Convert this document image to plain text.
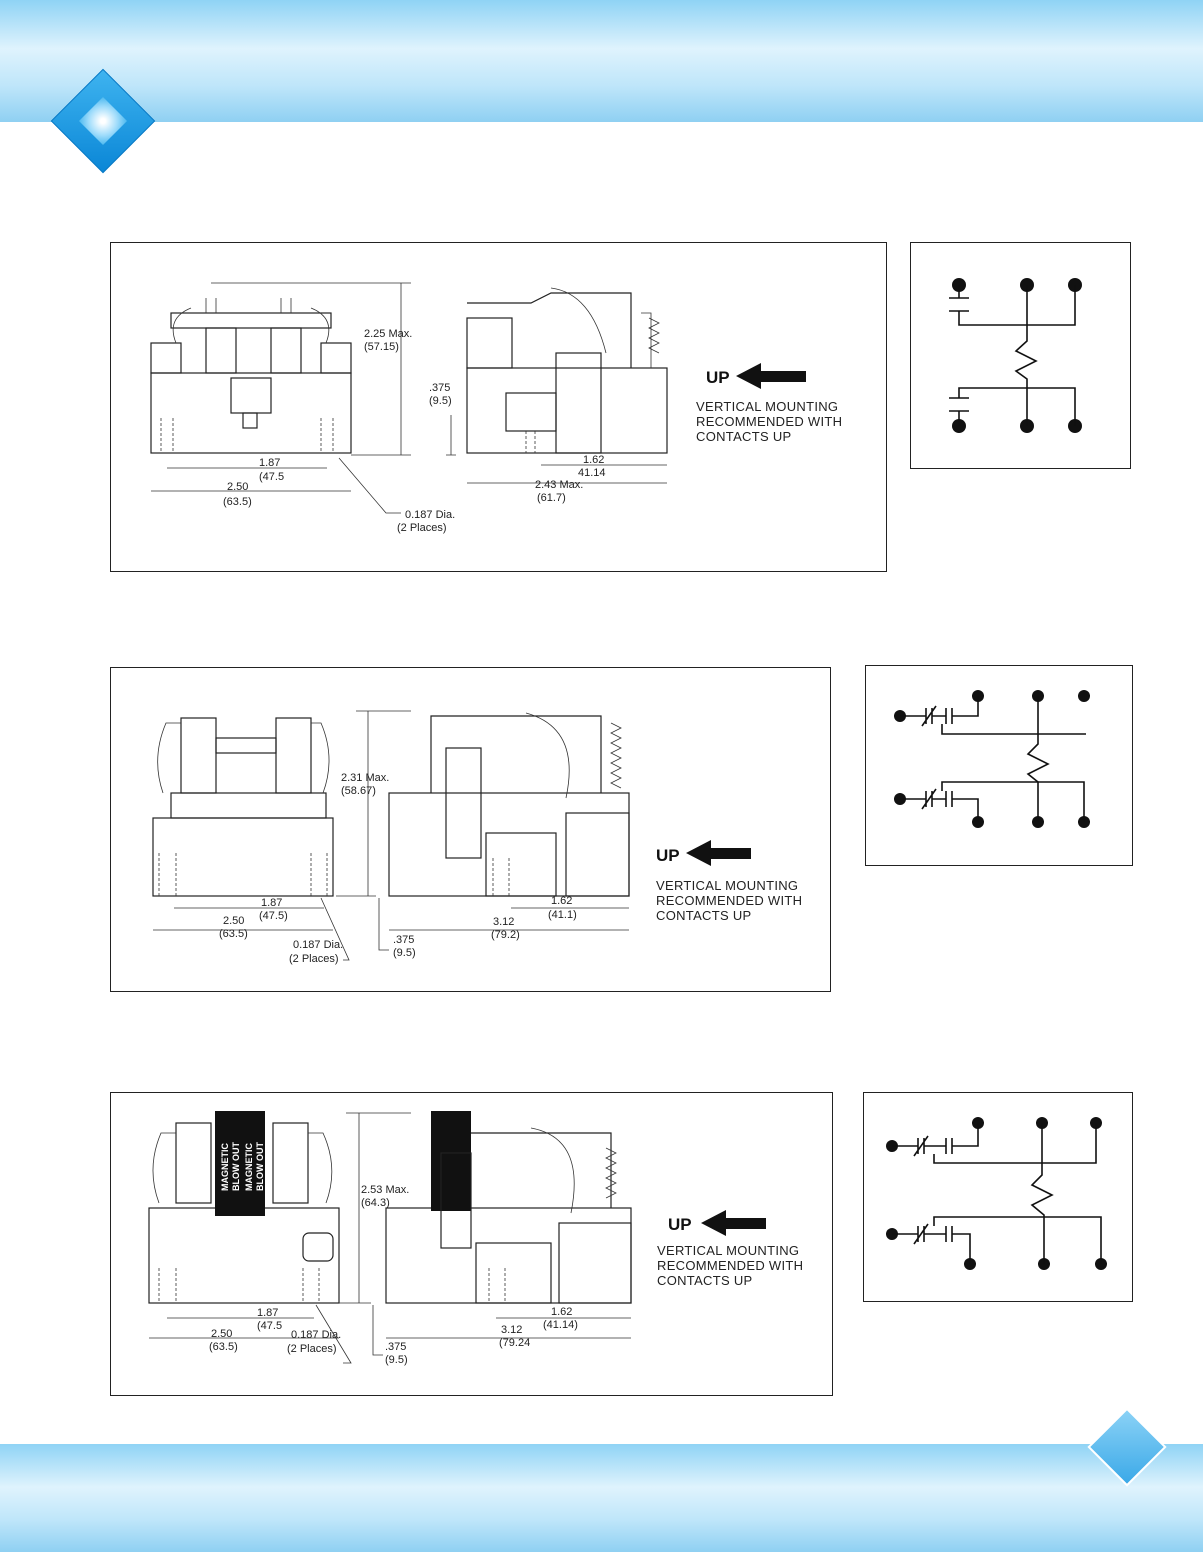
2.25 Max.
(57.15)
.375
(9.5)
1.87
(47.5
2.50
(63.5)
0.187 Dia.
(2 Places)
1.62
41.14
2.43 Max.
(61.7)
UP
VERTICAL MOUNTING
RECOMMENDED WITH
CONTACTS UP
2.31 Max.
(58.67)
1.87
(47.5)
2.50
(63.5)
0.187 Dia.
(2 Places)
.375
(9.5)
1.62
(41.1)
3.12
(79.2)
UP
VERTICAL MOUNTING
RECOMMENDED WITH
CONTACTS UP
MAGNETIC BLOW OUT MAGNETIC BLOW OUT	2.53 Max.
(64.3)
1.87
(47.5
2.50
(63.5)
0.187 Dia.
(2 Places)	.375
(9.5)
1.62
(41.14)
3.12
(79.24
UP
VERTICAL MOUNTING
RECOMMENDED WITH
CONTACTS UP
